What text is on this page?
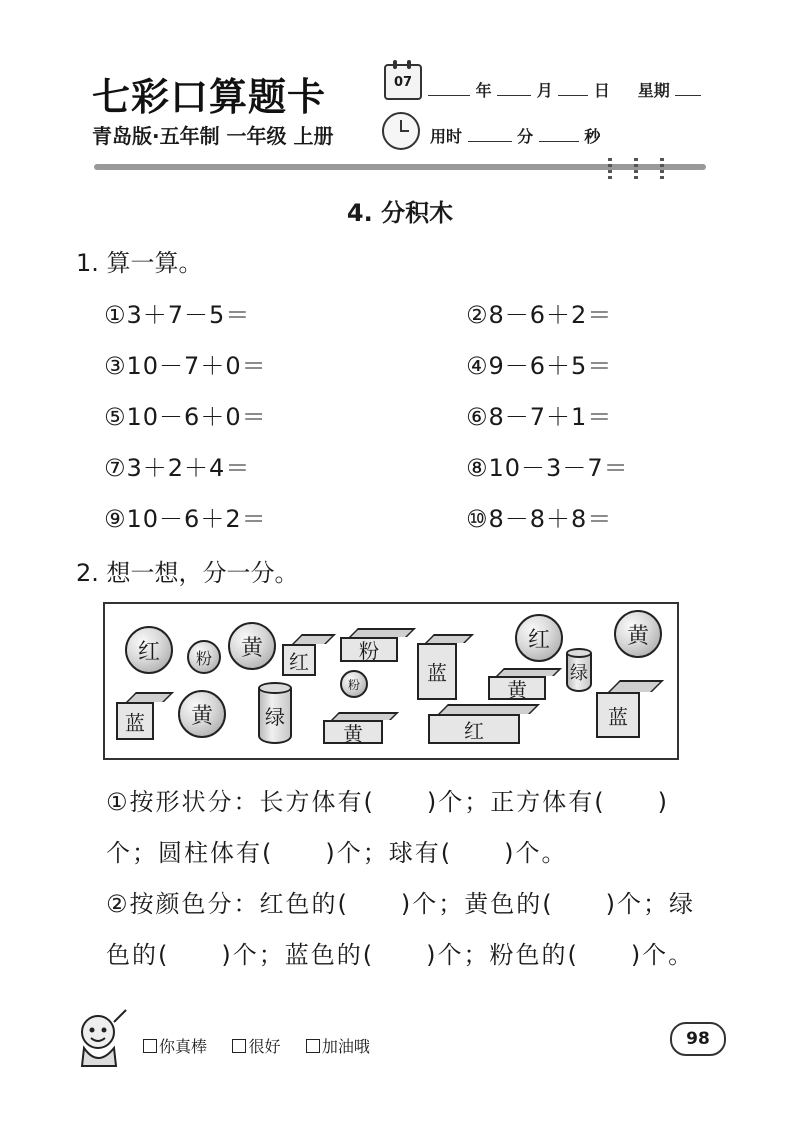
七彩口算题卡	07	年	月	日 星期
青岛版·五年制 一年级 上册	用时	分	秒
4. 分积木
1. 算一算。
①3＋7－5＝	②8－6＋2＝
③10－7＋0＝	④9－6＋5＝
⑤10－6＋0＝	⑥8－7＋1＝
⑦3＋2＋4＝	⑧10－3－7＝
⑨10－6＋2＝	⑩8－8＋8＝
2. 想一想，分一分。
红	粉	黄	红	黄
粉
黄
红	粉
蓝
黄
蓝	黄	红
蓝
绿
绿
①按形状分：长方体有(　　)个；正方体有(　　)
个；圆柱体有(　　)个；球有(　　)个。
②按颜色分：红色的(　　)个；黄色的(　　)个；绿
色的(　　)个；蓝色的(　　)个；粉色的(　　)个。
你真棒	很好	加油哦	98
